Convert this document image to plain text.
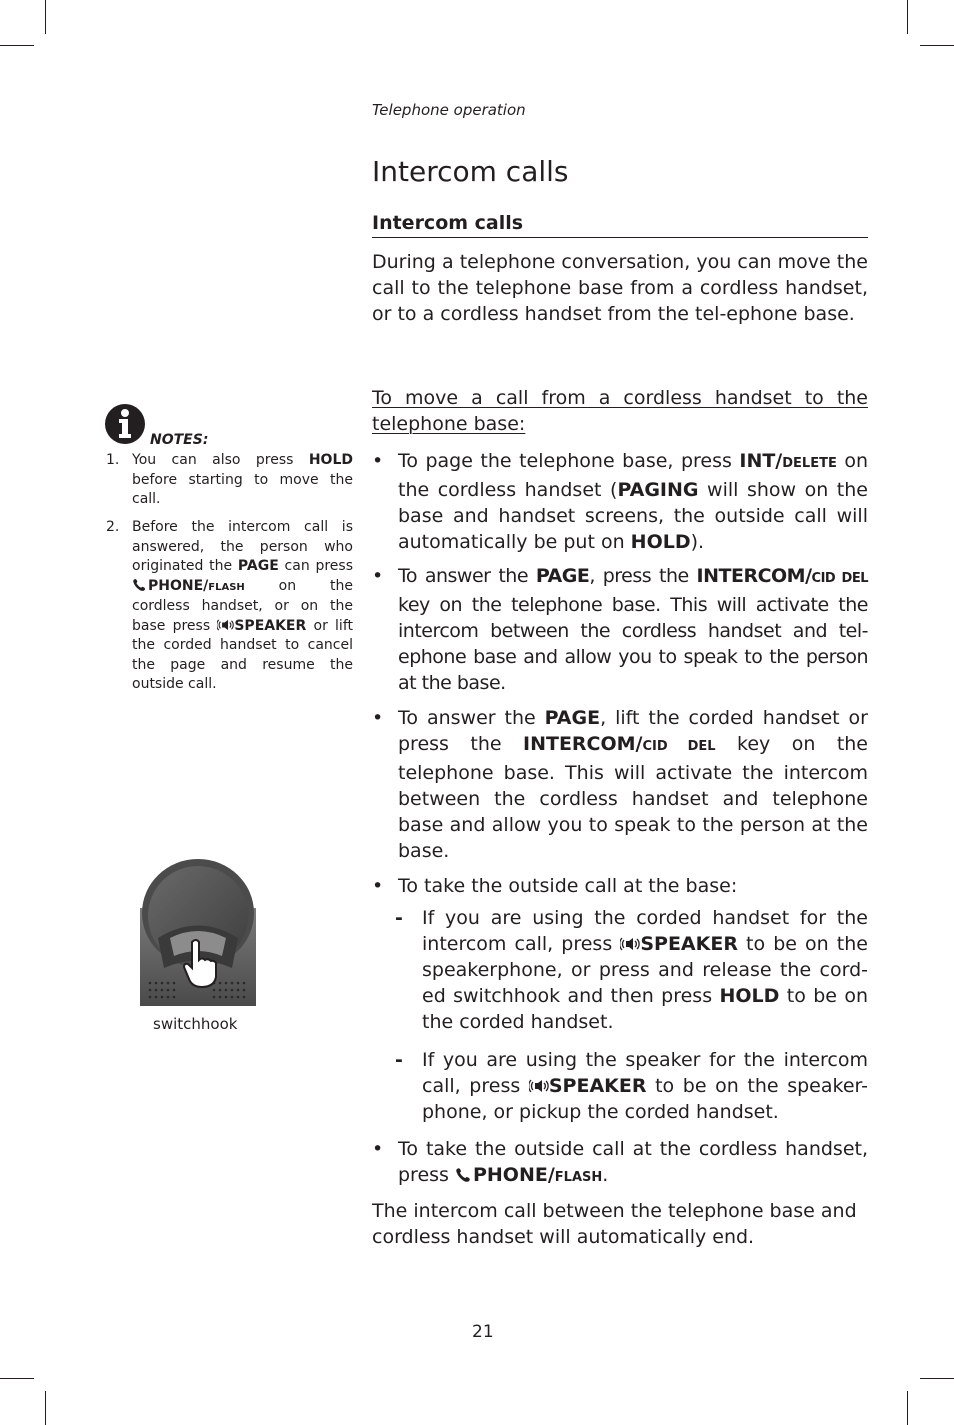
Telephone operation
Intercom calls
Intercom calls
During a telephone conversation, you can move the call to the telephone base from a cordless handset, or to a cordless handset from the tel-ephone base.
To move a call from a cordless handset to the telephone base:
• To page the telephone base, press INT/DELETE on the cordless handset (PAGING will show on the base and handset screens, the outside call will automatically be put on HOLD).
• To answer the PAGE, press the INTERCOM/CID DEL key on the telephone base. This will activate the intercom between the cordless handset and tel-ephone base and allow you to speak to the person at the base.
• To answer the PAGE, lift the corded handset or press the INTERCOM/CID DEL key on the telephone base. This will activate the intercom between the cordless handset and telephone base and allow you to speak to the person at the base.
• To take the outside call at the base:
- If you are using the corded handset for the intercom call, press SPEAKER to be on the speakerphone, or press and release the cord-ed switchhook and then press HOLD to be on the corded handset.
- If you are using the speaker for the intercom call, press SPEAKER to be on the speaker-phone, or pickup the corded handset.
• To take the outside call at the cordless handset, press PHONE/FLASH.
The intercom call between the telephone base and cordless handset will automatically end.
NOTES:
1. You can also press HOLD before starting to move the call.
2. Before the intercom call is answered, the person who originated the PAGE can press PHONE/FLASH on the cordless handset, or on the base press SPEAKER or lift the corded handset to cancel the page and resume the outside call.
switchhook
21
